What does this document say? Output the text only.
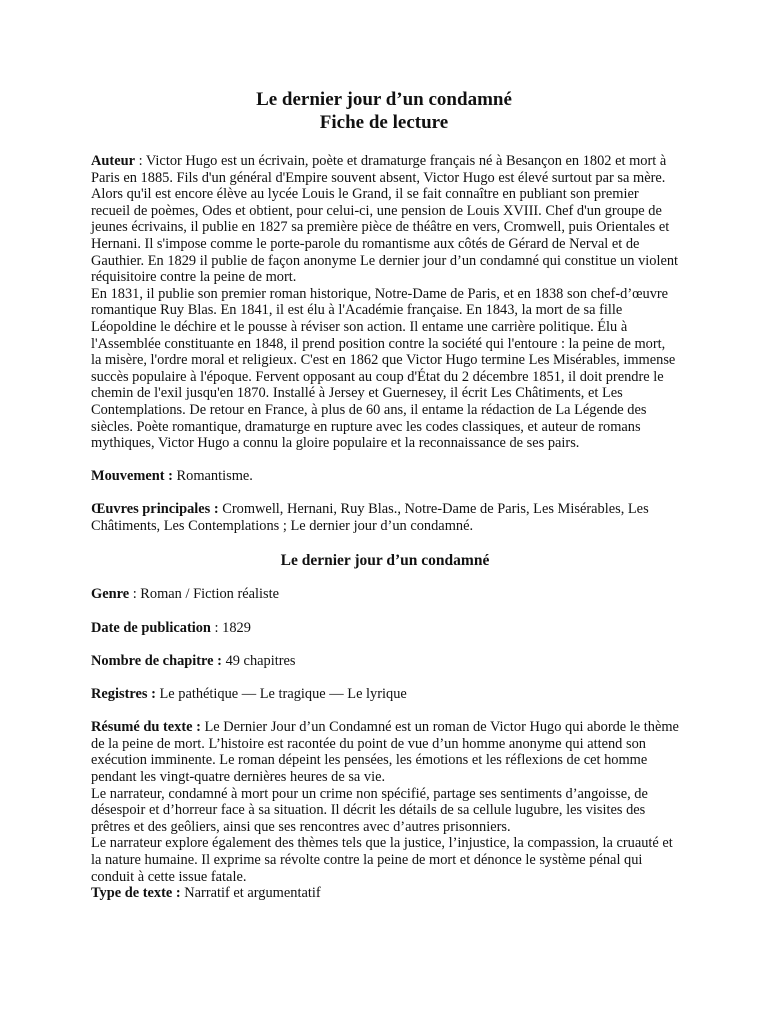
Le dernier jour d’un condamné
Fiche de lecture

Auteur : Victor Hugo est un écrivain, poète et dramaturge français né à Besançon en 1802 et mort à Paris en 1885. Fils d'un général d'Empire souvent absent, Victor Hugo est élevé surtout par sa mère. Alors qu'il est encore élève au lycée Louis le Grand, il se fait connaître en publiant son premier recueil de poèmes, Odes et obtient, pour celui-ci, une pension de Louis XVIII. Chef d'un groupe de jeunes écrivains, il publie en 1827 sa première pièce de théâtre en vers, Cromwell, puis Orientales et Hernani. Il s'impose comme le porte-parole du romantisme aux côtés de Gérard de Nerval et de Gauthier. En 1829 il publie de façon anonyme Le dernier jour d’un condamné qui constitue un violent réquisitoire contre la peine de mort.

En 1831, il publie son premier roman historique, Notre-Dame de Paris, et en 1838 son chef-d’œuvre romantique Ruy Blas. En 1841, il est élu à l'Académie française. En 1843, la mort de sa fille Léopoldine le déchire et le pousse à réviser son action. Il entame une carrière politique. Élu à l'Assemblée constituante en 1848, il prend position contre la société qui l'entoure : la peine de mort, la misère, l'ordre moral et religieux. C'est en 1862 que Victor Hugo termine Les Misérables, immense succès populaire à l'époque. Fervent opposant au coup d'État du 2 décembre 1851, il doit prendre le chemin de l'exil jusqu'en 1870. Installé à Jersey et Guernesey, il écrit Les Châtiments, et Les Contemplations. De retour en France, à plus de 60 ans, il entame la rédaction de La Légende des siècles. Poète romantique, dramaturge en rupture avec les codes classiques, et auteur de romans mythiques, Victor Hugo a connu la gloire populaire et la reconnaissance de ses pairs.

Mouvement : Romantisme.

Œuvres principales : Cromwell, Hernani, Ruy Blas., Notre-Dame de Paris, Les Misérables, Les Châtiments, Les Contemplations ; Le dernier jour d’un condamné.

Le dernier jour d’un condamné

Genre : Roman / Fiction réaliste

Date de publication : 1829

Nombre de chapitre : 49 chapitres

Registres : Le pathétique — Le tragique — Le lyrique

Résumé du texte : Le Dernier Jour d’un Condamné est un roman de Victor Hugo qui aborde le thème de la peine de mort. L’histoire est racontée du point de vue d’un homme anonyme qui attend son exécution imminente. Le roman dépeint les pensées, les émotions et les réflexions de cet homme pendant les vingt-quatre dernières heures de sa vie.

Le narrateur, condamné à mort pour un crime non spécifié, partage ses sentiments d’angoisse, de désespoir et d’horreur face à sa situation. Il décrit les détails de sa cellule lugubre, les visites des prêtres et des geôliers, ainsi que ses rencontres avec d’autres prisonniers.

Le narrateur explore également des thèmes tels que la justice, l’injustice, la compassion, la cruauté et la nature humaine. Il exprime sa révolte contre la peine de mort et dénonce le système pénal qui conduit à cette issue fatale.

Type de texte : Narratif et argumentatif
